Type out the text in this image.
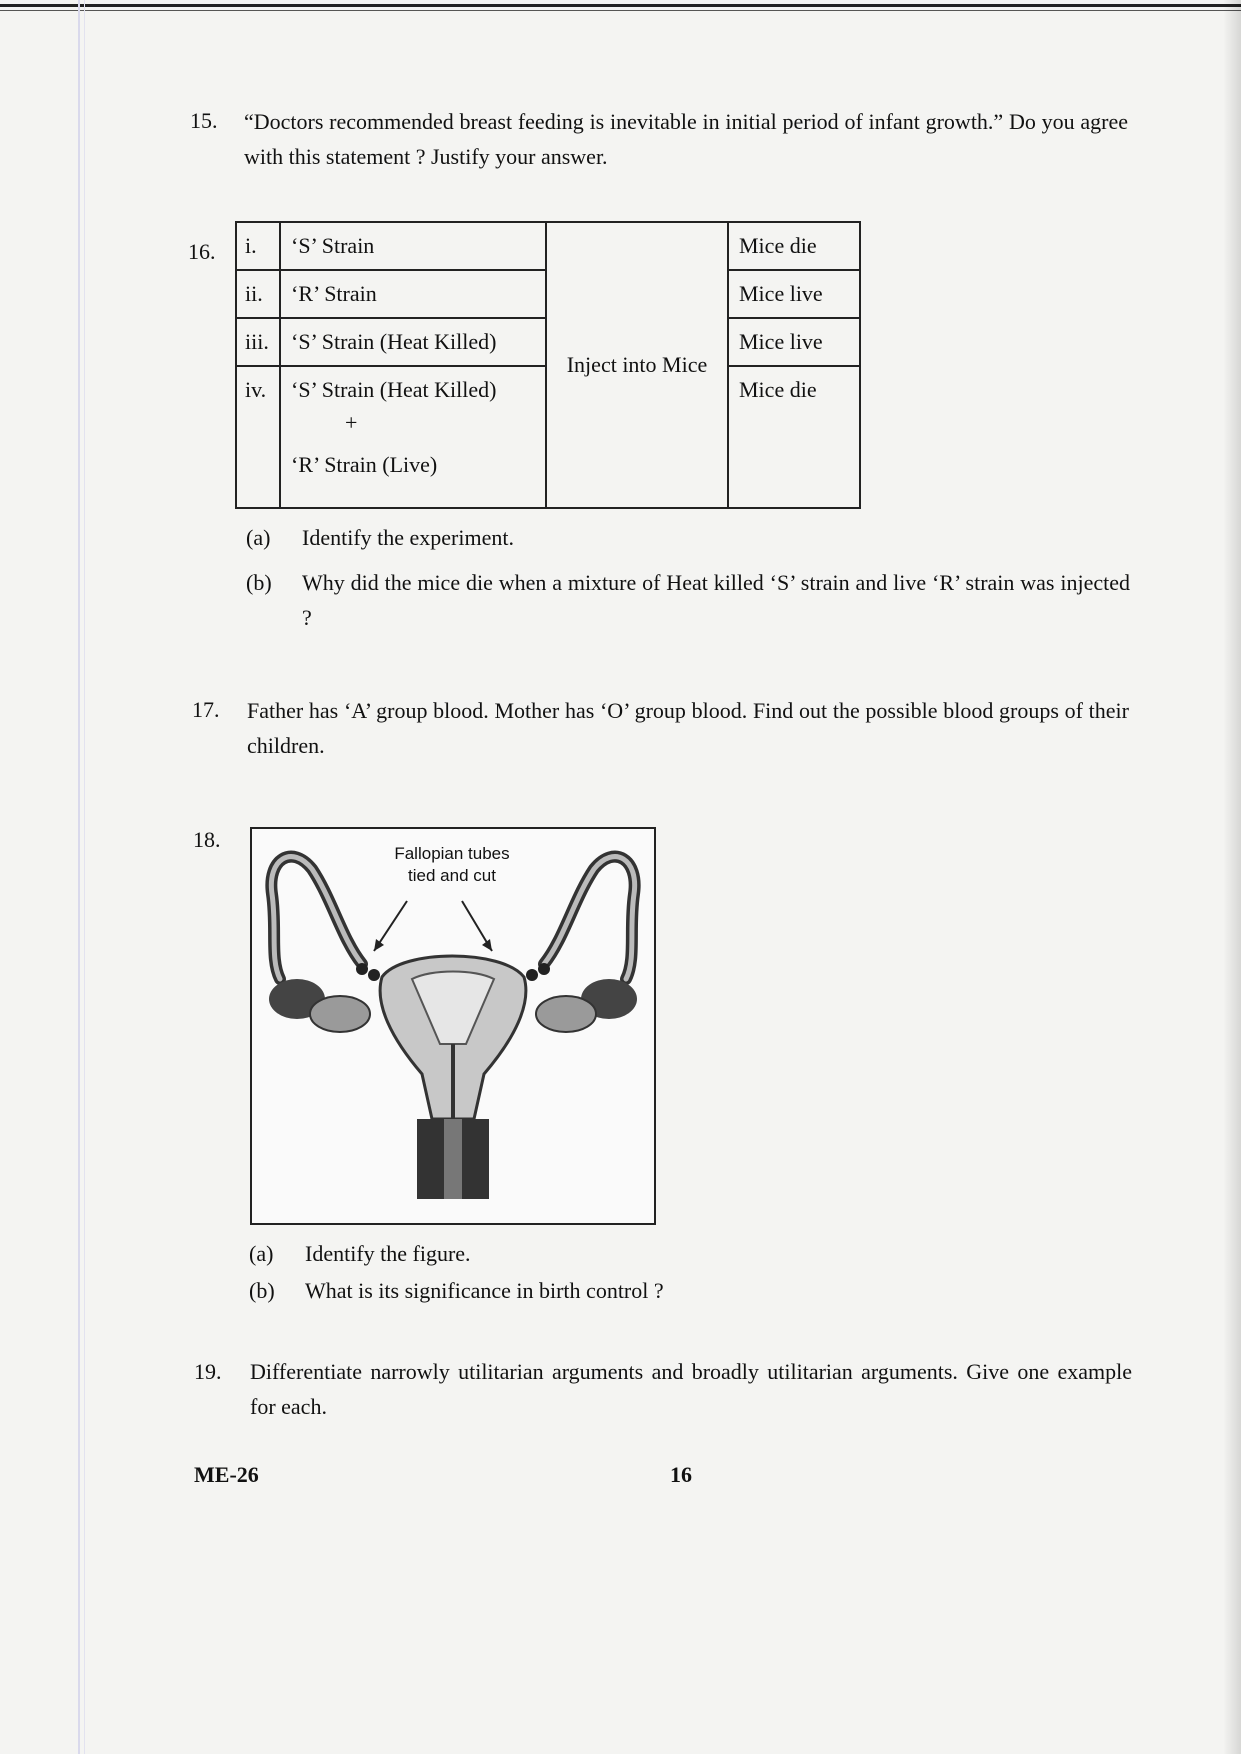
15. “Doctors recommended breast feeding is inevitable in initial period of infant growth.” Do you agree with this statement ? Justify your answer.
16. i.	‘S’ Strain	Inject into Mice	Mice die
ii.	‘R’ Strain		Mice live
iii.	‘S’ Strain (Heat Killed)		Mice live
iv.	‘S’ Strain (Heat Killed)
+
‘R’ Strain (Live)		Mice die
(a) Identify the experiment.
(b)	Why did the mice die when a mixture of Heat killed ‘S’ strain and live ‘R’ strain was injected ?
17. Father has ‘A’ group blood. Mother has ‘O’ group blood. Find out the possible blood groups of their children.
18.
Fallopian tubes
tied and cut
(a) Identify the figure.
(b) What is its significance in birth control ?
19. Differentiate narrowly utilitarian arguments and broadly utilitarian arguments. Give one example for each.
ME-26	16
